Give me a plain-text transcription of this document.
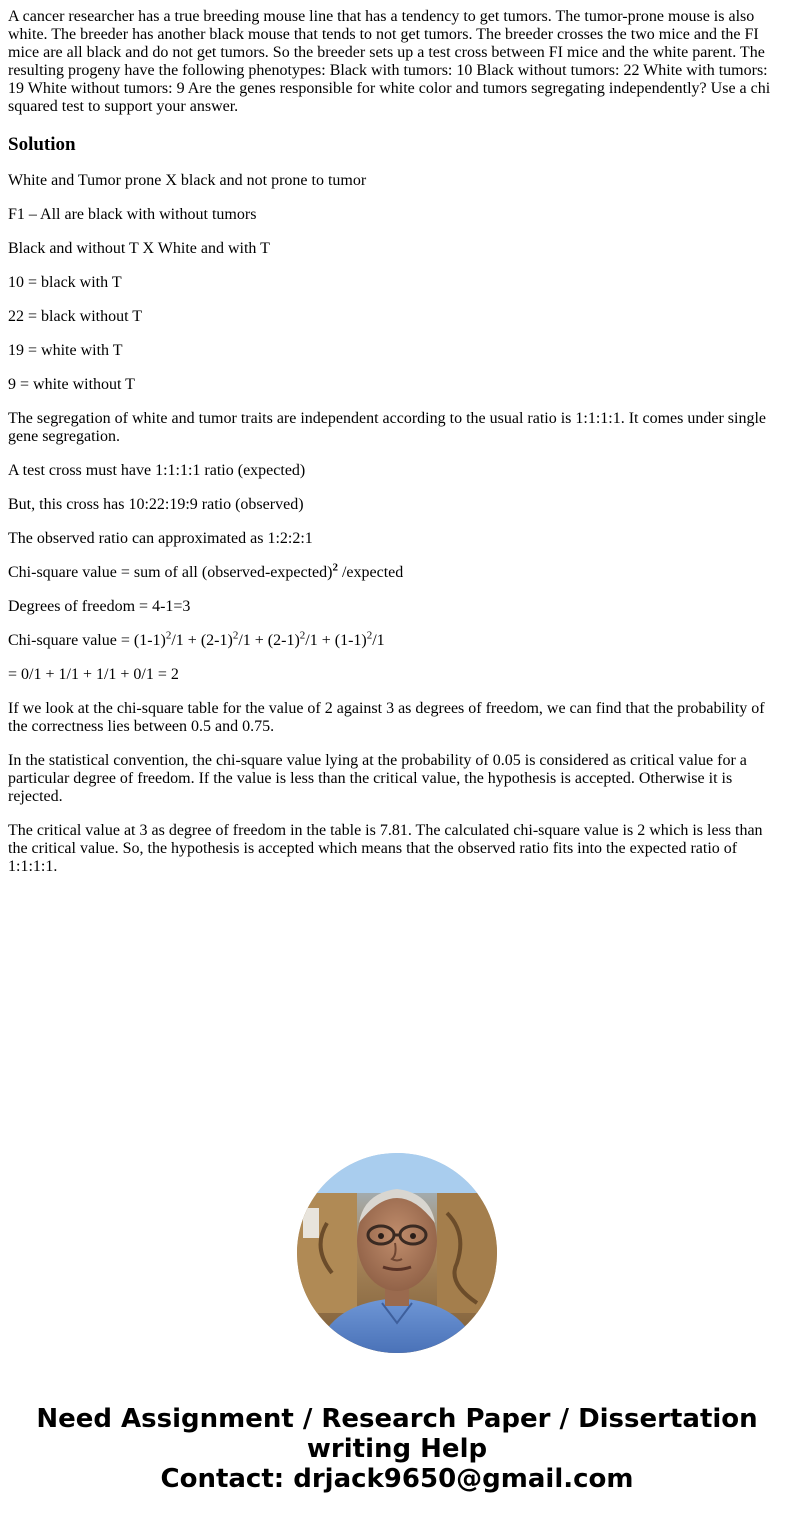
A cancer researcher has a true breeding mouse line that has a tendency to get tumors. The tumor-prone mouse is also white. The breeder has another black mouse that tends to not get tumors. The breeder crosses the two mice and the FI mice are all black and do not get tumors. So the breeder sets up a test cross between FI mice and the white parent. The resulting progeny have the following phenotypes: Black with tumors: 10 Black without tumors: 22 White with tumors: 19 White without tumors: 9 Are the genes responsible for white color and tumors segregating independently? Use a chi squared test to support your answer.

Solution

White and Tumor prone X black and not prone to tumor

F1 – All are black with without tumors

Black and without T X White and with T

10 = black with T

22 = black without T

19 = white with T

9 = white without T

The segregation of white and tumor traits are independent according to the usual ratio is 1:1:1:1. It comes under single gene segregation.

A test cross must have 1:1:1:1 ratio (expected)

But, this cross has 10:22:19:9 ratio (observed)

The observed ratio can approximated as 1:2:2:1

Chi-square value = sum of all (observed-expected)$^2$ /expected

Degrees of freedom = 4-1=3

Chi-square value = $(1-1)^2/1 + (2-1)^2/1 + (2-1)^2/1 + (1-1)^2/1$

= 0/1 + 1/1 + 1/1 + 0/1 = 2

If we look at the chi-square table for the value of 2 against 3 as degrees of freedom, we can find that the probability of the correctness lies between 0.5 and 0.75.

In the statistical convention, the chi-square value lying at the probability of 0.05 is considered as critical value for a particular degree of freedom. If the value is less than the critical value, the hypothesis is accepted. Otherwise it is rejected.

The critical value at 3 as degree of freedom in the table is 7.81. The calculated chi-square value is 2 which is less than the critical value. So, the hypothesis is accepted which means that the observed ratio fits into the expected ratio of 1:1:1:1.

Need Assignment / Research Paper / Dissertation
writing Help
Contact: drjack9650@gmail.com
